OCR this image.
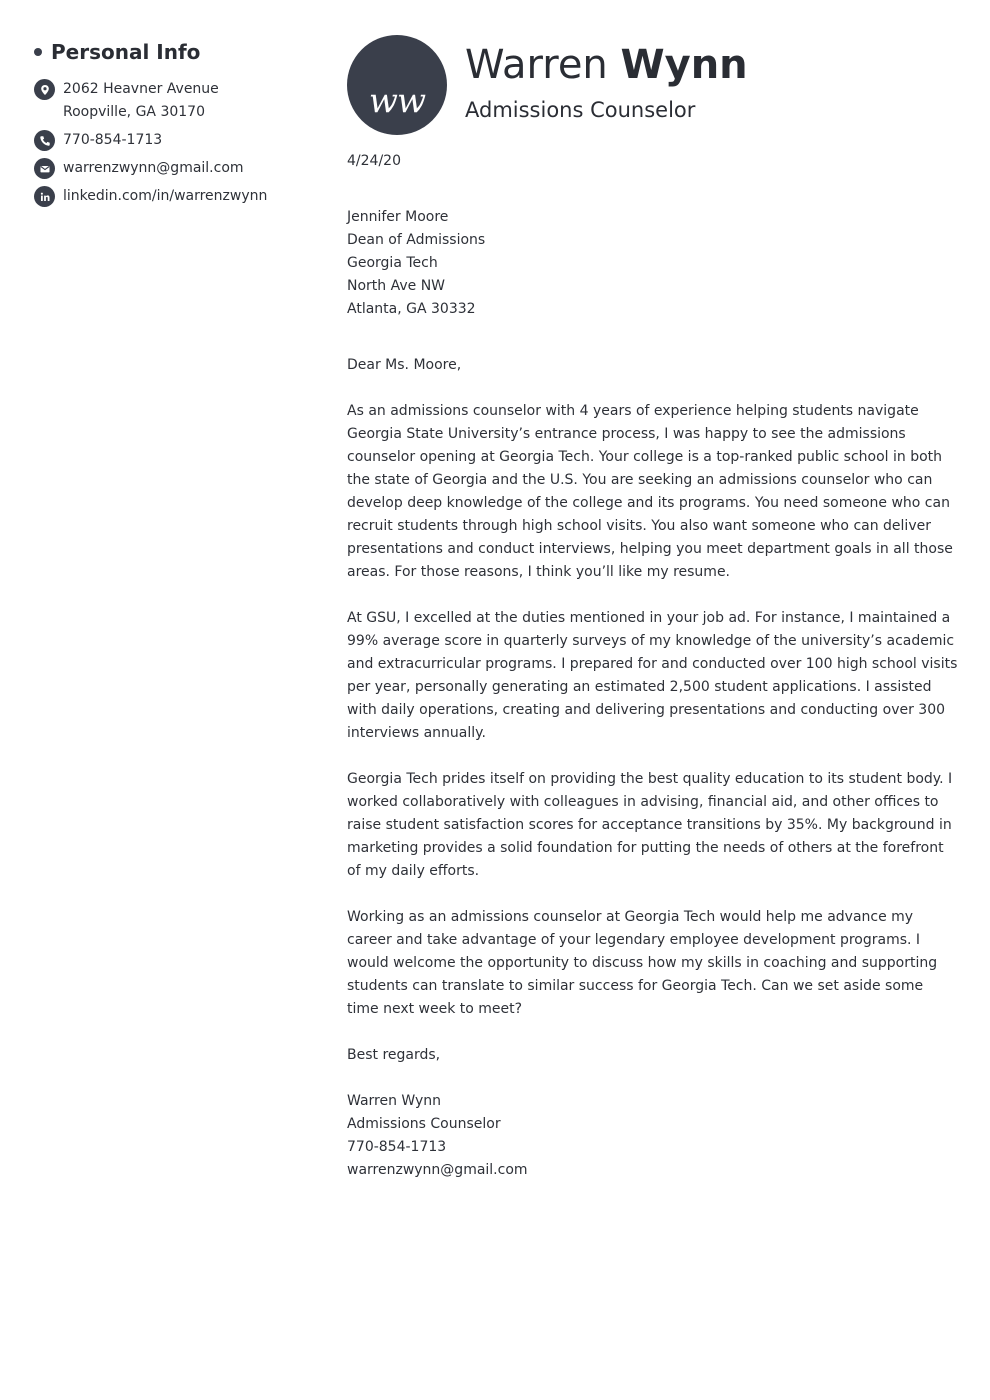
Personal Info
2062 Heavner Avenue
Roopville, GA 30170
770-854-1713
warrenzwynn@gmail.com
linkedin.com/in/warrenzwynn
ww
Warren Wynn
Admissions Counselor

4/24/20

Jennifer Moore
Dean of Admissions
Georgia Tech
North Ave NW
Atlanta, GA 30332

Dear Ms. Moore,

As an admissions counselor with 4 years of experience helping students navigate Georgia State University’s entrance process, I was happy to see the admissions counselor opening at Georgia Tech. Your college is a top-ranked public school in both the state of Georgia and the U.S. You are seeking an admissions counselor who can develop deep knowledge of the college and its programs. You need someone who can recruit students through high school visits. You also want someone who can deliver presentations and conduct interviews, helping you meet department goals in all those areas. For those reasons, I think you’ll like my resume.

At GSU, I excelled at the duties mentioned in your job ad. For instance, I maintained a 99% average score in quarterly surveys of my knowledge of the university’s academic and extracurricular programs. I prepared for and conducted over 100 high school visits per year, personally generating an estimated 2,500 student applications. I assisted with daily operations, creating and delivering presentations and conducting over 300 interviews annually.

Georgia Tech prides itself on providing the best quality education to its student body. I worked collaboratively with colleagues in advising, financial aid, and other offices to raise student satisfaction scores for acceptance transitions by 35%. My background in marketing provides a solid foundation for putting the needs of others at the forefront of my daily efforts.

Working as an admissions counselor at Georgia Tech would help me advance my career and take advantage of your legendary employee development programs. I would welcome the opportunity to discuss how my skills in coaching and supporting students can translate to similar success for Georgia Tech. Can we set aside some time next week to meet?

Best regards,

Warren Wynn
Admissions Counselor
770-854-1713
warrenzwynn@gmail.com
